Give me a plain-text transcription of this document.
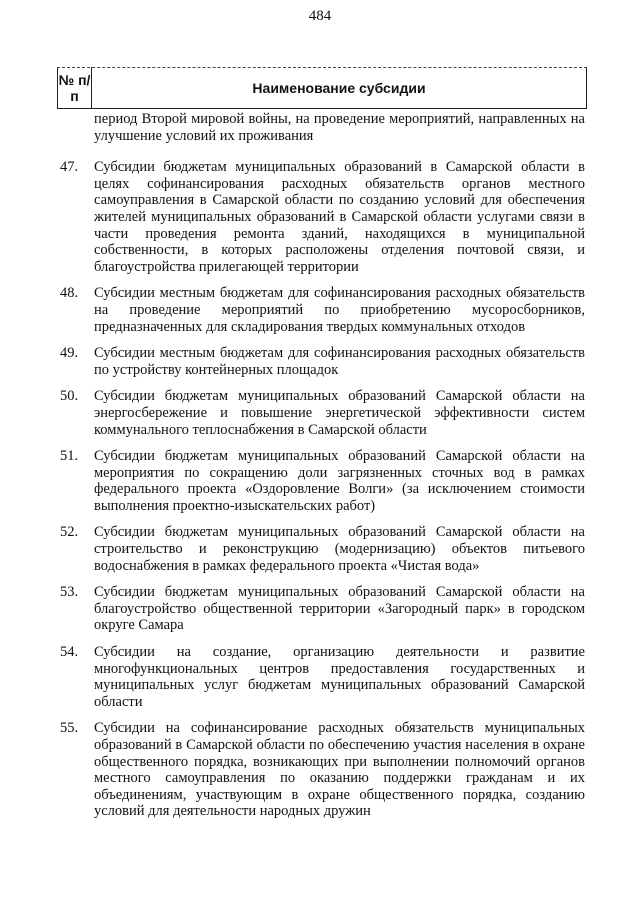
484
№ п/п	Наименование субсидии
период Второй мировой войны, на проведение мероприятий, направленных на улучшение условий их проживания
47.	Субсидии бюджетам муниципальных образований в Самарской области в целях софинансирования расходных обязательств органов местного самоуправления в Самарской области по созданию условий для обеспечения жителей муниципальных образований в Самарской области услугами связи в части проведения ремонта зданий, находящихся в муниципальной собственности, в которых расположены отделения почтовой связи, и благоустройства прилегающей территории
48.	Субсидии местным бюджетам для софинансирования расходных обязательств на проведение мероприятий по приобретению мусоросборников, предназначенных для складирования твердых коммунальных отходов
49.	Субсидии местным бюджетам для софинансирования расходных обязательств по устройству контейнерных площадок
50.	Субсидии бюджетам муниципальных образований Самарской области на энергосбережение и повышение энергетической эффективности систем коммунального теплоснабжения в Самарской области
51.	Субсидии бюджетам муниципальных образований Самарской области на мероприятия по сокращению доли загрязненных сточных вод в рамках федерального проекта «Оздоровление Волги» (за исключением стоимости выполнения проектно-изыскательских работ)
52.	Субсидии бюджетам муниципальных образований Самарской области на строительство и реконструкцию (модернизацию) объектов питьевого водоснабжения в рамках федерального проекта «Чистая вода»
53.	Субсидии бюджетам муниципальных образований Самарской области на благоустройство общественной территории «Загородный парк» в городском округе Самара
54.	Субсидии на создание, организацию деятельности и развитие многофункциональных центров предоставления государственных и муниципальных услуг бюджетам муниципальных образований Самарской области
55.	Субсидии на софинансирование расходных обязательств муниципальных образований в Самарской области по обеспечению участия населения в охране общественного порядка, возникающих при выполнении полномочий органов местного самоуправления по оказанию поддержки гражданам и их объединениям, участвующим в охране общественного порядка, созданию условий для деятельности народных дружин
